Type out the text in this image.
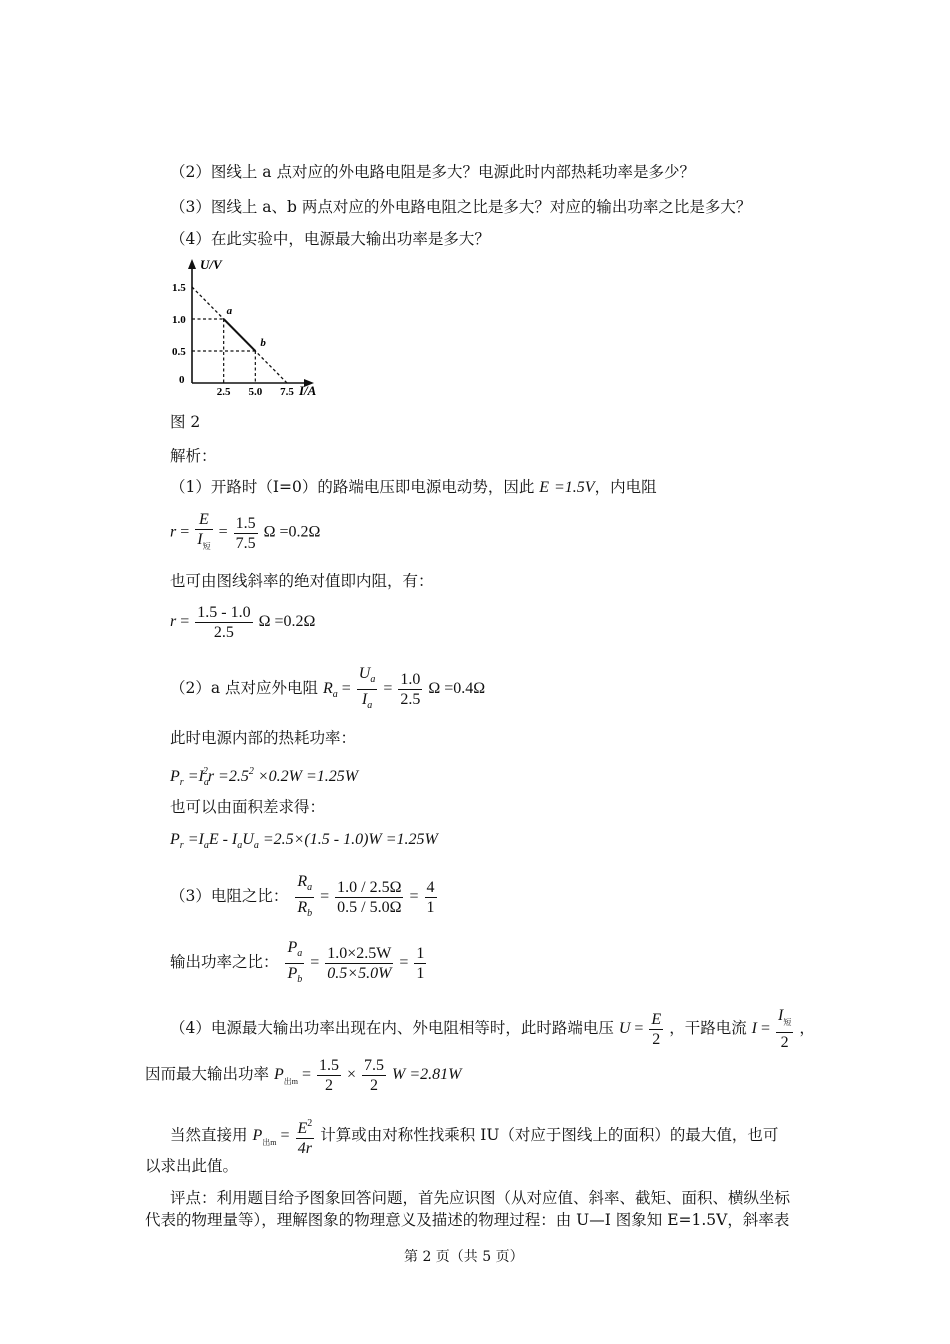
（2）图线上 a 点对应的外电路电阻是多大？电源此时内部热耗功率是多少？
（3）图线上 a、b 两点对应的外电路电阻之比是多大？对应的输出功率之比是多大？
（4）在此实验中，电源最大输出功率是多大？
U/V
I/A
0
1.5
1.0
0.5
2.5 5.0 7.5
a
b
图 2
解析：
（1）开路时（I=0）的路端电压即电源电动势，因此 E =1.5V，内电阻
$r = \frac{E}{I_短} = \frac{1.5}{7.5}$ Ω =0.2Ω
也可由图线斜率的绝对值即内阻，有：
$r = \frac{1.5 - 1.0}{2.5}$ Ω =0.2Ω
（2）a 点对应外电阻 $R_a = \frac{U_a}{I_a} = \frac{1.0}{2.5}$ Ω =0.4Ω
此时电源内部的热耗功率：
$P_r =I_a^2r =2.5^2 \times 0.2W =1.25W$
也可以由面积差求得：
$P_r =I_aE - I_aU_a =2.5\times(1.5 - 1.0)W =1.25W$
（3）电阻之比： $\frac{R_a}{R_b} = \frac{1.0 / 2.5\Omega}{0.5 / 5.0\Omega} = \frac{4}{1}$
输出功率之比： $\frac{P_a}{P_b} = \frac{1.0\times 2.5W}{0.5\times 5.0W} = \frac{1}{1}$
（4）电源最大输出功率出现在内、外电阻相等时，此时路端电压 $U = \frac{E}{2}$ ，干路电流 $I = \frac{I_短}{2}$ ，
因而最大输出功率 $P_{出m} = \frac{1.5}{2} \times \frac{7.5}{2}$ W =2.81W
当然直接用 $P_{出m} = \frac{E^2}{4r}$ 计算或由对称性找乘积 IU（对应于图线上的面积）的最大值，也可
以求出此值。
评点：利用题目给予图象回答问题，首先应识图（从对应值、斜率、截矩、面积、横纵坐标
代表的物理量等），理解图象的物理意义及描述的物理过程：由 U—I 图象知 E=1.5V，斜率表
第 2 页（共 5 页）
